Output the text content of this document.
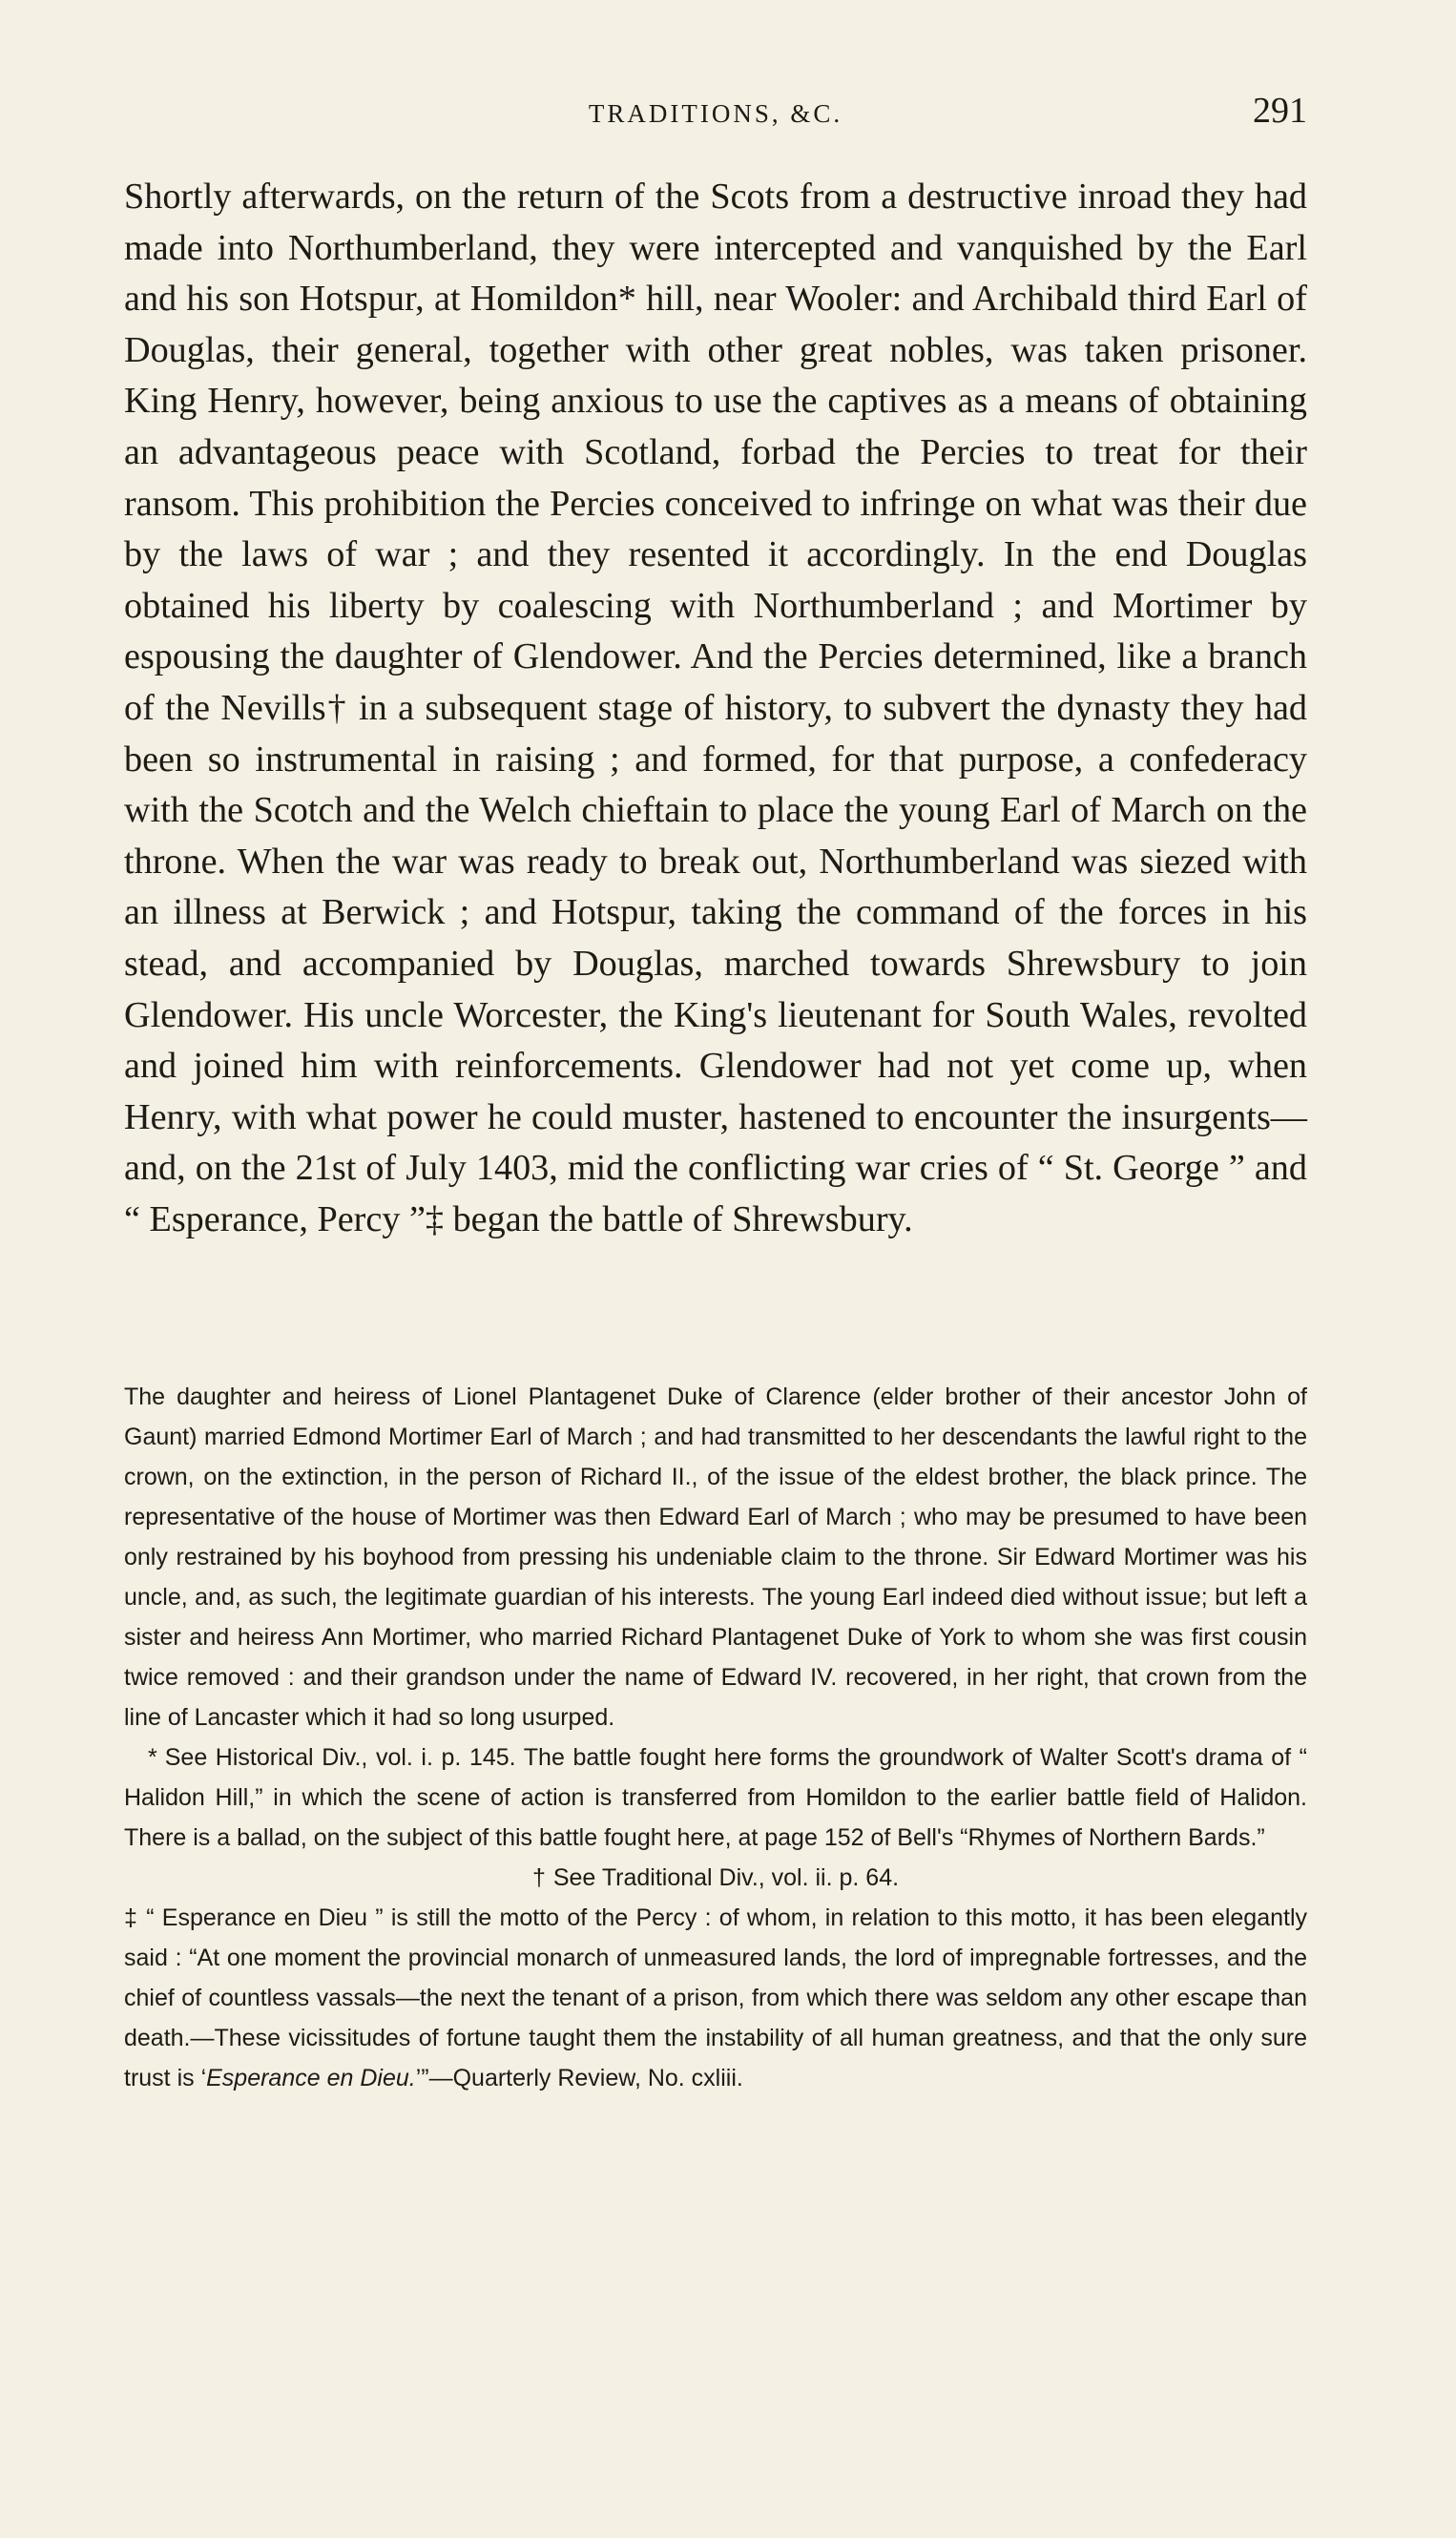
TRADITIONS, &C.	291

Shortly afterwards, on the return of the Scots from a destructive inroad they had made into Northumberland, they were intercepted and vanquished by the Earl and his son Hotspur, at Homildon* hill, near Wooler: and Archibald third Earl of Douglas, their general, together with other great nobles, was taken prisoner. King Henry, however, being anxious to use the captives as a means of obtaining an advantageous peace with Scotland, forbad the Percies to treat for their ransom. This prohibition the Percies conceived to infringe on what was their due by the laws of war ; and they resented it accordingly. In the end Douglas obtained his liberty by coalescing with Northumberland ; and Mortimer by espousing the daughter of Glendower. And the Percies determined, like a branch of the Nevills† in a subsequent stage of history, to subvert the dynasty they had been so instrumental in raising ; and formed, for that purpose, a confederacy with the Scotch and the Welch chieftain to place the young Earl of March on the throne. When the war was ready to break out, Northumberland was siezed with an illness at Berwick ; and Hotspur, taking the command of the forces in his stead, and accompanied by Douglas, marched towards Shrewsbury to join Glendower. His uncle Worcester, the King's lieutenant for South Wales, revolted and joined him with reinforcements. Glendower had not yet come up, when Henry, with what power he could muster, hastened to encounter the insurgents—and, on the 21st of July 1403, mid the conflicting war cries of “ St. George ” and “ Esperance, Percy ”‡ began the battle of Shrewsbury.

The daughter and heiress of Lionel Plantagenet Duke of Clarence (elder brother of their ancestor John of Gaunt) married Edmond Mortimer Earl of March ; and had transmitted to her descendants the lawful right to the crown, on the extinction, in the person of Richard II., of the issue of the eldest brother, the black prince. The representative of the house of Mortimer was then Edward Earl of March ; who may be presumed to have been only restrained by his boyhood from pressing his undeniable claim to the throne. Sir Edward Mortimer was his uncle, and, as such, the legitimate guardian of his interests. The young Earl indeed died without issue; but left a sister and heiress Ann Mortimer, who married Richard Plantagenet Duke of York to whom she was first cousin twice removed : and their grandson under the name of Edward IV. recovered, in her right, that crown from the line of Lancaster which it had so long usurped.

 * See Historical Div., vol. i. p. 145. The battle fought here forms the groundwork of Walter Scott's drama of “ Halidon Hill,” in which the scene of action is transferred from Homildon to the earlier battle field of Halidon. There is a ballad, on the subject of this battle fought here, at page 152 of Bell's “Rhymes of Northern Bards.”

† See Traditional Div., vol. ii. p. 64.

‡ “ Esperance en Dieu ” is still the motto of the Percy : of whom, in relation to this motto, it has been elegantly said : “At one moment the provincial monarch of unmeasured lands, the lord of impregnable fortresses, and the chief of countless vassals—the next the tenant of a prison, from which there was seldom any other escape than death.—These vicissitudes of fortune taught them the instability of all human greatness, and that the only sure trust is ‘Esperance en Dieu.’”—Quarterly Review, No. cxliii.
